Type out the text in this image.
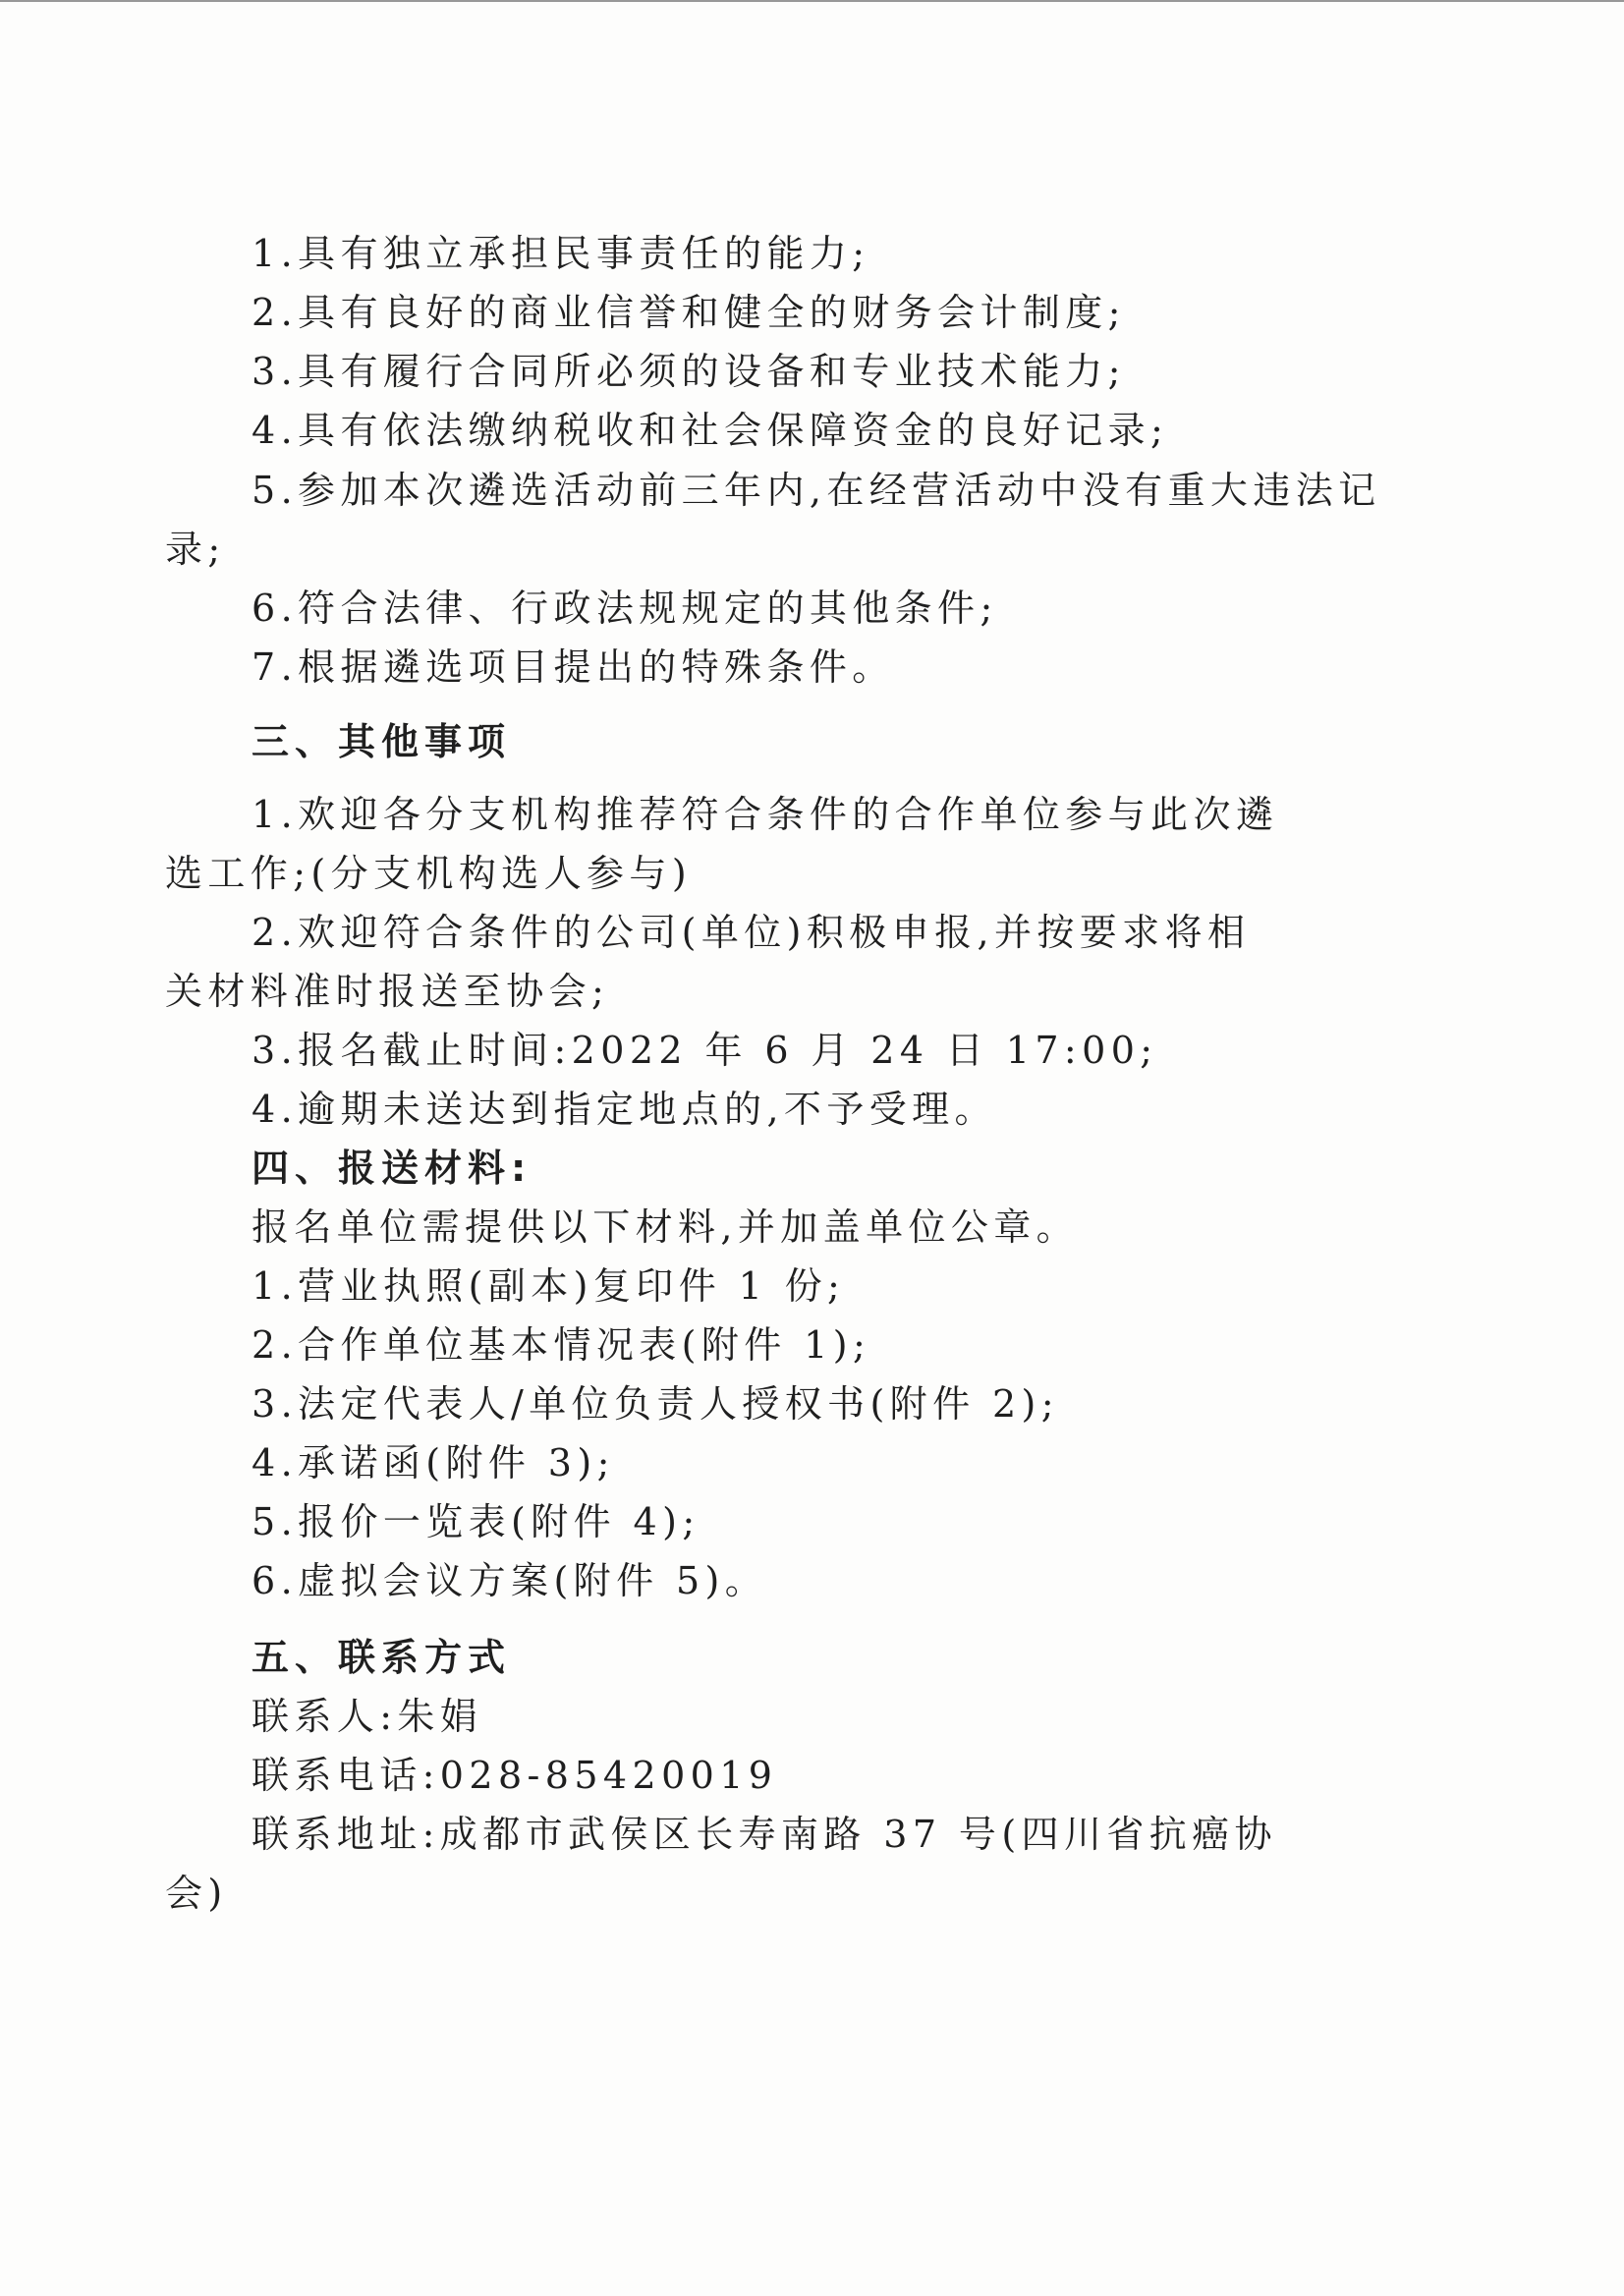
1.具有独立承担民事责任的能力;
2.具有良好的商业信誉和健全的财务会计制度;
3.具有履行合同所必须的设备和专业技术能力;
4.具有依法缴纳税收和社会保障资金的良好记录;
5.参加本次遴选活动前三年内,在经营活动中没有重大违法记
录;
6.符合法律、行政法规规定的其他条件;
7.根据遴选项目提出的特殊条件。
三、其他事项
1.欢迎各分支机构推荐符合条件的合作单位参与此次遴
选工作;(分支机构选人参与)
2.欢迎符合条件的公司(单位)积极申报,并按要求将相
关材料准时报送至协会;
3.报名截止时间:2022 年 6 月 24 日 17:00;
4.逾期未送达到指定地点的,不予受理。
四、报送材料:
报名单位需提供以下材料,并加盖单位公章。
1.营业执照(副本)复印件 1 份;
2.合作单位基本情况表(附件 1);
3.法定代表人/单位负责人授权书(附件 2);
4.承诺函(附件 3);
5.报价一览表(附件 4);
6.虚拟会议方案(附件 5)。
五、联系方式
联系人:朱娟
联系电话:028-85420019
联系地址:成都市武侯区长寿南路 37 号(四川省抗癌协
会)
